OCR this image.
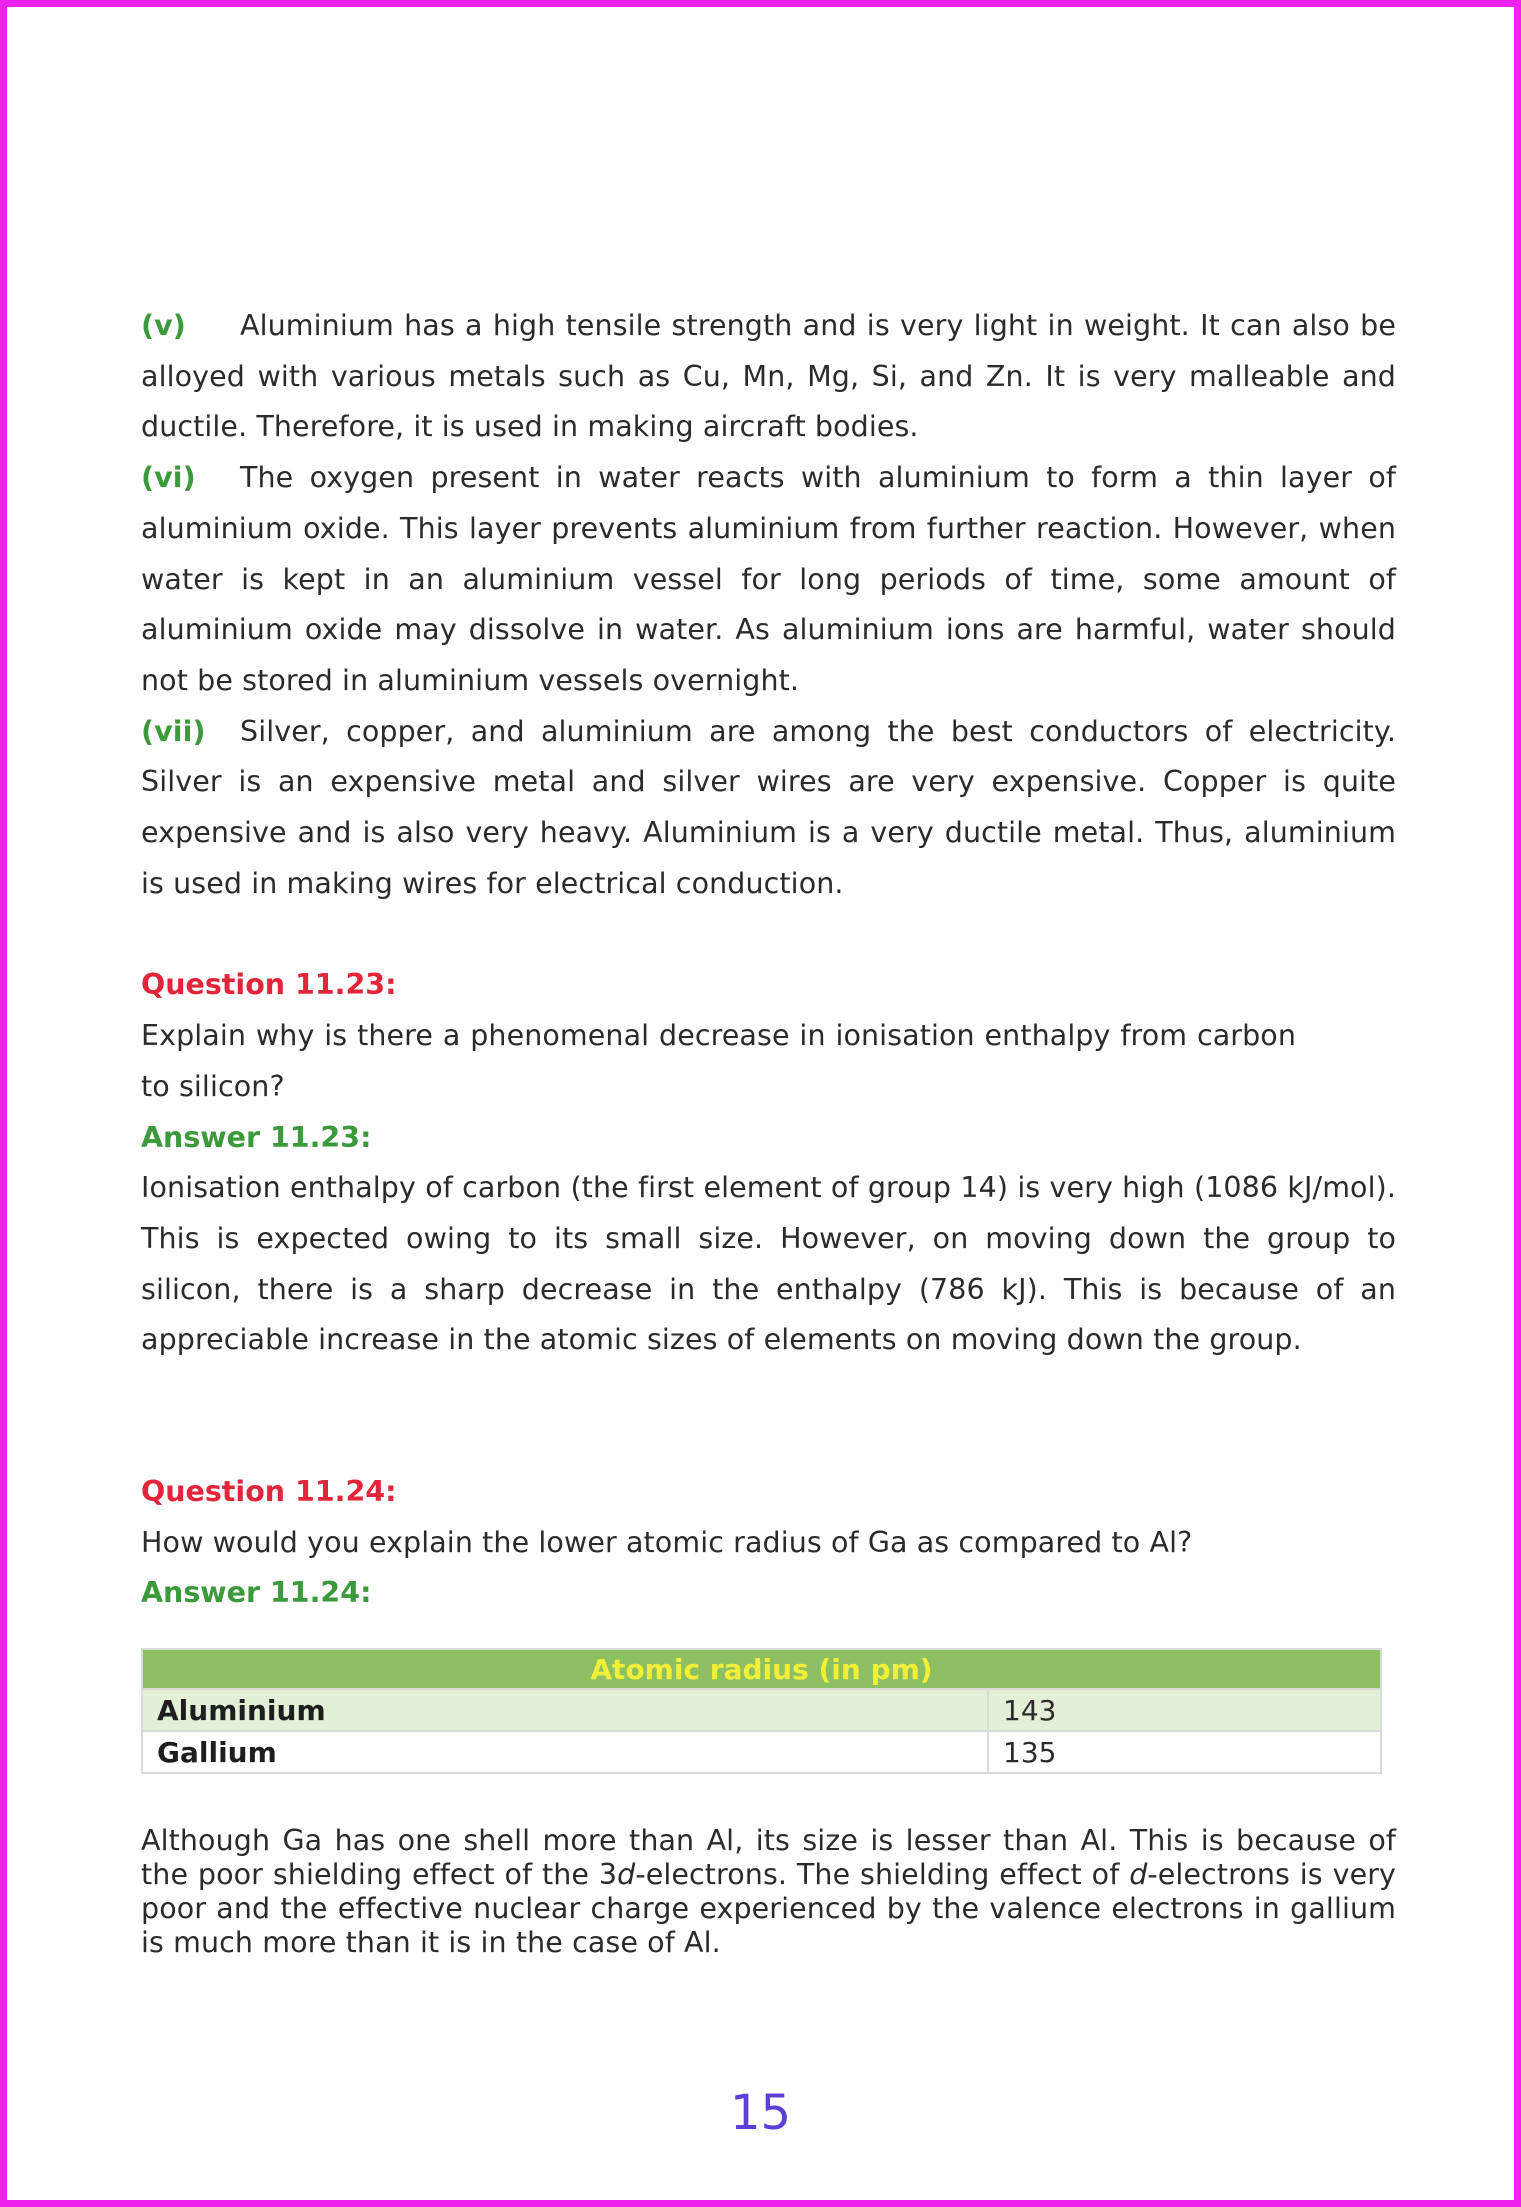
(v) Aluminium has a high tensile strength and is very light in weight. It can also be alloyed with various metals such as Cu, Mn, Mg, Si, and Zn. It is very malleable and ductile. Therefore, it is used in making aircraft bodies.

(vi) The oxygen present in water reacts with aluminium to form a thin layer of aluminium oxide. This layer prevents aluminium from further reaction. However, when water is kept in an aluminium vessel for long periods of time, some amount of aluminium oxide may dissolve in water. As aluminium ions are harmful, water should not be stored in aluminium vessels overnight.

(vii) Silver, copper, and aluminium are among the best conductors of electricity. Silver is an expensive metal and silver wires are very expensive. Copper is quite expensive and is also very heavy. Aluminium is a very ductile metal. Thus, aluminium is used in making wires for electrical conduction.

Question 11.23:

Explain why is there a phenomenal decrease in ionisation enthalpy from carbon to silicon?

Answer 11.23:

Ionisation enthalpy of carbon (the first element of group 14) is very high (1086 kJ/mol). This is expected owing to its small size. However, on moving down the group to silicon, there is a sharp decrease in the enthalpy (786 kJ). This is because of an appreciable increase in the atomic sizes of elements on moving down the group.

Question 11.24:

How would you explain the lower atomic radius of Ga as compared to Al?

Answer 11.24:

Atomic radius (in pm)	
Aluminium	143
Gallium	135

Although Ga has one shell more than Al, its size is lesser than Al. This is because of the poor shielding effect of the 3d-electrons. The shielding effect of d-electrons is very poor and the effective nuclear charge experienced by the valence electrons in gallium is much more than it is in the case of Al.

15
